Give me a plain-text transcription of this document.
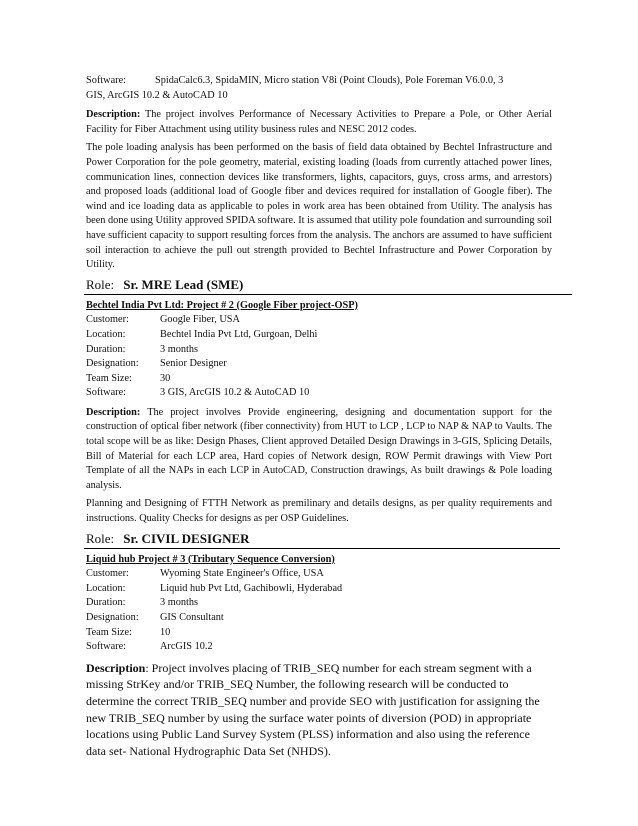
Software:	SpidaCalc6.3, SpidaMIN, Micro station V8i (Point Clouds), Pole Foreman V6.0.0, 3
GIS, ArcGIS 10.2 & AutoCAD 10

Description: The project involves Performance of Necessary Activities to Prepare a Pole, or Other Aerial Facility for Fiber Attachment using utility business rules and NESC 2012 codes.

The pole loading analysis has been performed on the basis of field data obtained by Bechtel Infrastructure and Power Corporation for the pole geometry, material, existing loading (loads from currently attached power lines, communication lines, connection devices like transformers, lights, capacitors, guys, cross arms, and arrestors) and proposed loads (additional load of Google fiber and devices required for installation of Google fiber). The wind and ice loading data as applicable to poles in work area has been obtained from Utility. The analysis has been done using Utility approved SPIDA software. It is assumed that utility pole foundation and surrounding soil have sufficient capacity to support resulting forces from the analysis. The anchors are assumed to have sufficient soil interaction to achieve the pull out strength provided to Bechtel Infrastructure and Power Corporation by Utility.

Role: Sr. MRE Lead (SME)

Bechtel India Pvt Ltd: Project # 2 (Google Fiber project-OSP)

Customer:	Google Fiber, USA
Location:	Bechtel India Pvt Ltd, Gurgoan, Delhi
Duration:	3 months
Designation:	Senior Designer
Team Size:	30
Software:	3 GIS, ArcGIS 10.2 & AutoCAD 10

Description: The project involves Provide engineering, designing and documentation support for the construction of optical fiber network (fiber connectivity) from HUT to LCP , LCP to NAP & NAP to Vaults. The total scope will be as like: Design Phases, Client approved Detailed Design Drawings in 3-GIS, Splicing Details, Bill of Material for each LCP area, Hard copies of Network design, ROW Permit drawings with View Port Template of all the NAPs in each LCP in AutoCAD, Construction drawings, As built drawings & Pole loading analysis.

Planning and Designing of FTTH Network as premilinary and details designs, as per quality requirements and instructions. Quality Checks for designs as per OSP Guidelines.

Role: Sr. CIVIL DESIGNER

Liquid hub Project # 3 (Tributary Sequence Conversion)

Customer:	Wyoming State Engineer's Office, USA
Location:	Liquid hub Pvt Ltd, Gachibowli, Hyderabad
Duration:	3 months
Designation:	GIS Consultant
Team Size:	10
Software:	ArcGIS 10.2

Description: Project involves placing of TRIB_SEQ number for each stream segment with a missing StrKey and/or TRIB_SEQ Number, the following research will be conducted to determine the correct TRIB_SEQ number and provide SEO with justification for assigning the new TRIB_SEQ number by using the surface water points of diversion (POD) in appropriate locations using Public Land Survey System (PLSS) information and also using the reference data set- National Hydrographic Data Set (NHDS).
